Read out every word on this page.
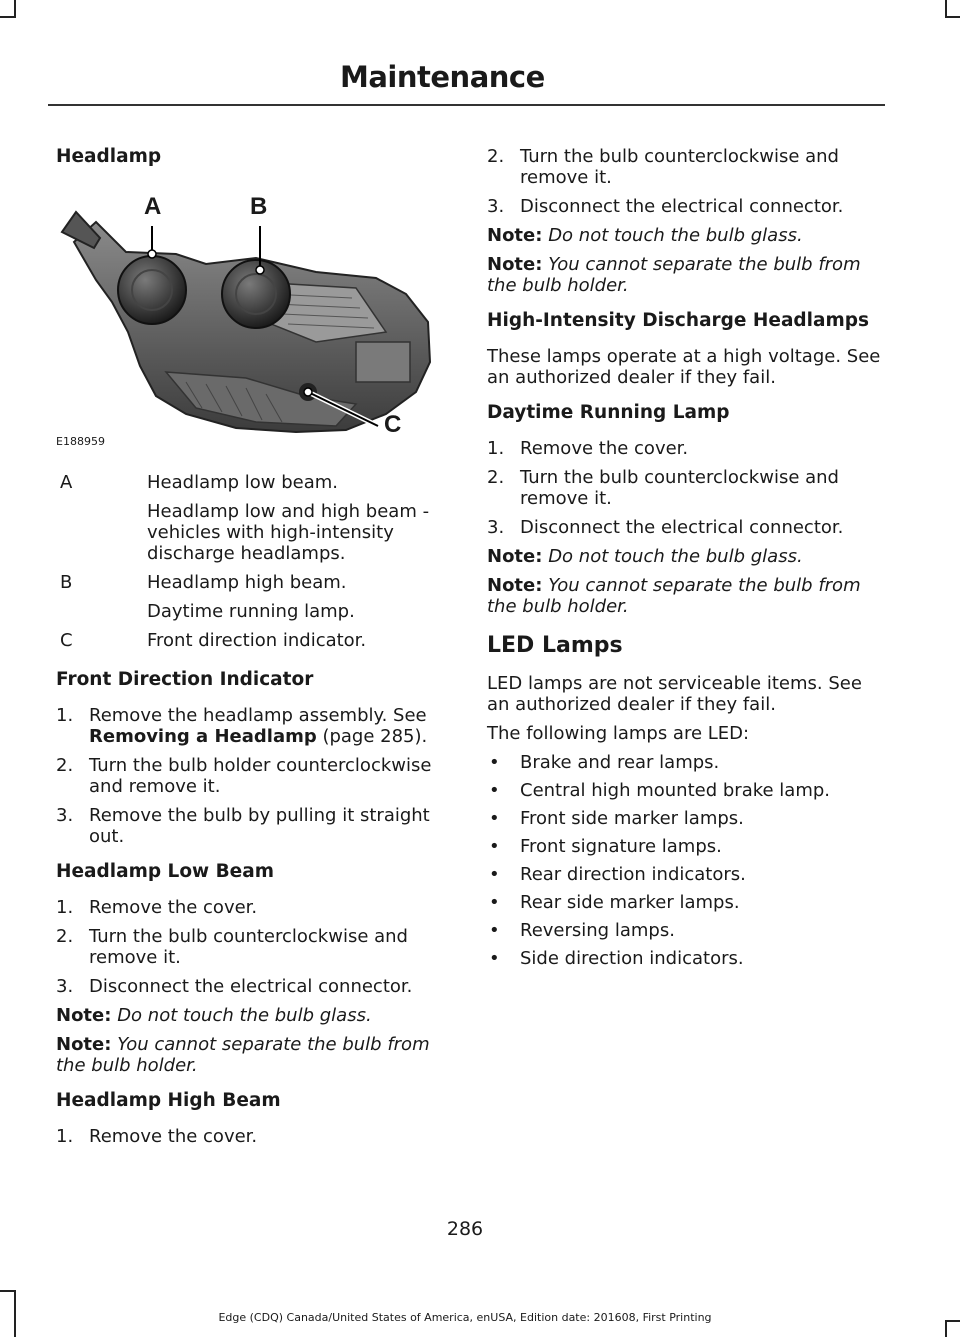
Maintenance
Headlamp
A	B
C
E188959
A	Headlamp low beam.
Headlamp low and high beam - vehicles with high-intensity discharge headlamps.
B	Headlamp high beam.
Daytime running lamp.
C	Front direction indicator.
Front Direction Indicator
1. Remove the headlamp assembly. See Removing a Headlamp (page 285).
2. Turn the bulb holder counterclockwise and remove it.
3. Remove the bulb by pulling it straight out.
Headlamp Low Beam
1. Remove the cover.
2. Turn the bulb counterclockwise and remove it.
3. Disconnect the electrical connector.

Note: Do not touch the bulb glass.

Note: You cannot separate the bulb from the bulb holder.

Headlamp High Beam
1. Remove the cover.
2. Turn the bulb counterclockwise and remove it.
3. Disconnect the electrical connector.

Note: Do not touch the bulb glass.

Note: You cannot separate the bulb from the bulb holder.

High-Intensity Discharge Headlamps

These lamps operate at a high voltage. See an authorized dealer if they fail.

Daytime Running Lamp
1. Remove the cover.
2. Turn the bulb counterclockwise and remove it.
3. Disconnect the electrical connector.

Note: Do not touch the bulb glass.

Note: You cannot separate the bulb from the bulb holder.

LED Lamps

LED lamps are not serviceable items. See an authorized dealer if they fail.

The following lamps are LED:

• Brake and rear lamps.
• Central high mounted brake lamp.
• Front side marker lamps.
• Front signature lamps.
• Rear direction indicators.
• Rear side marker lamps.
• Reversing lamps.
• Side direction indicators.
286
Edge (CDQ) Canada/United States of America, enUSA, Edition date: 201608, First Printing
